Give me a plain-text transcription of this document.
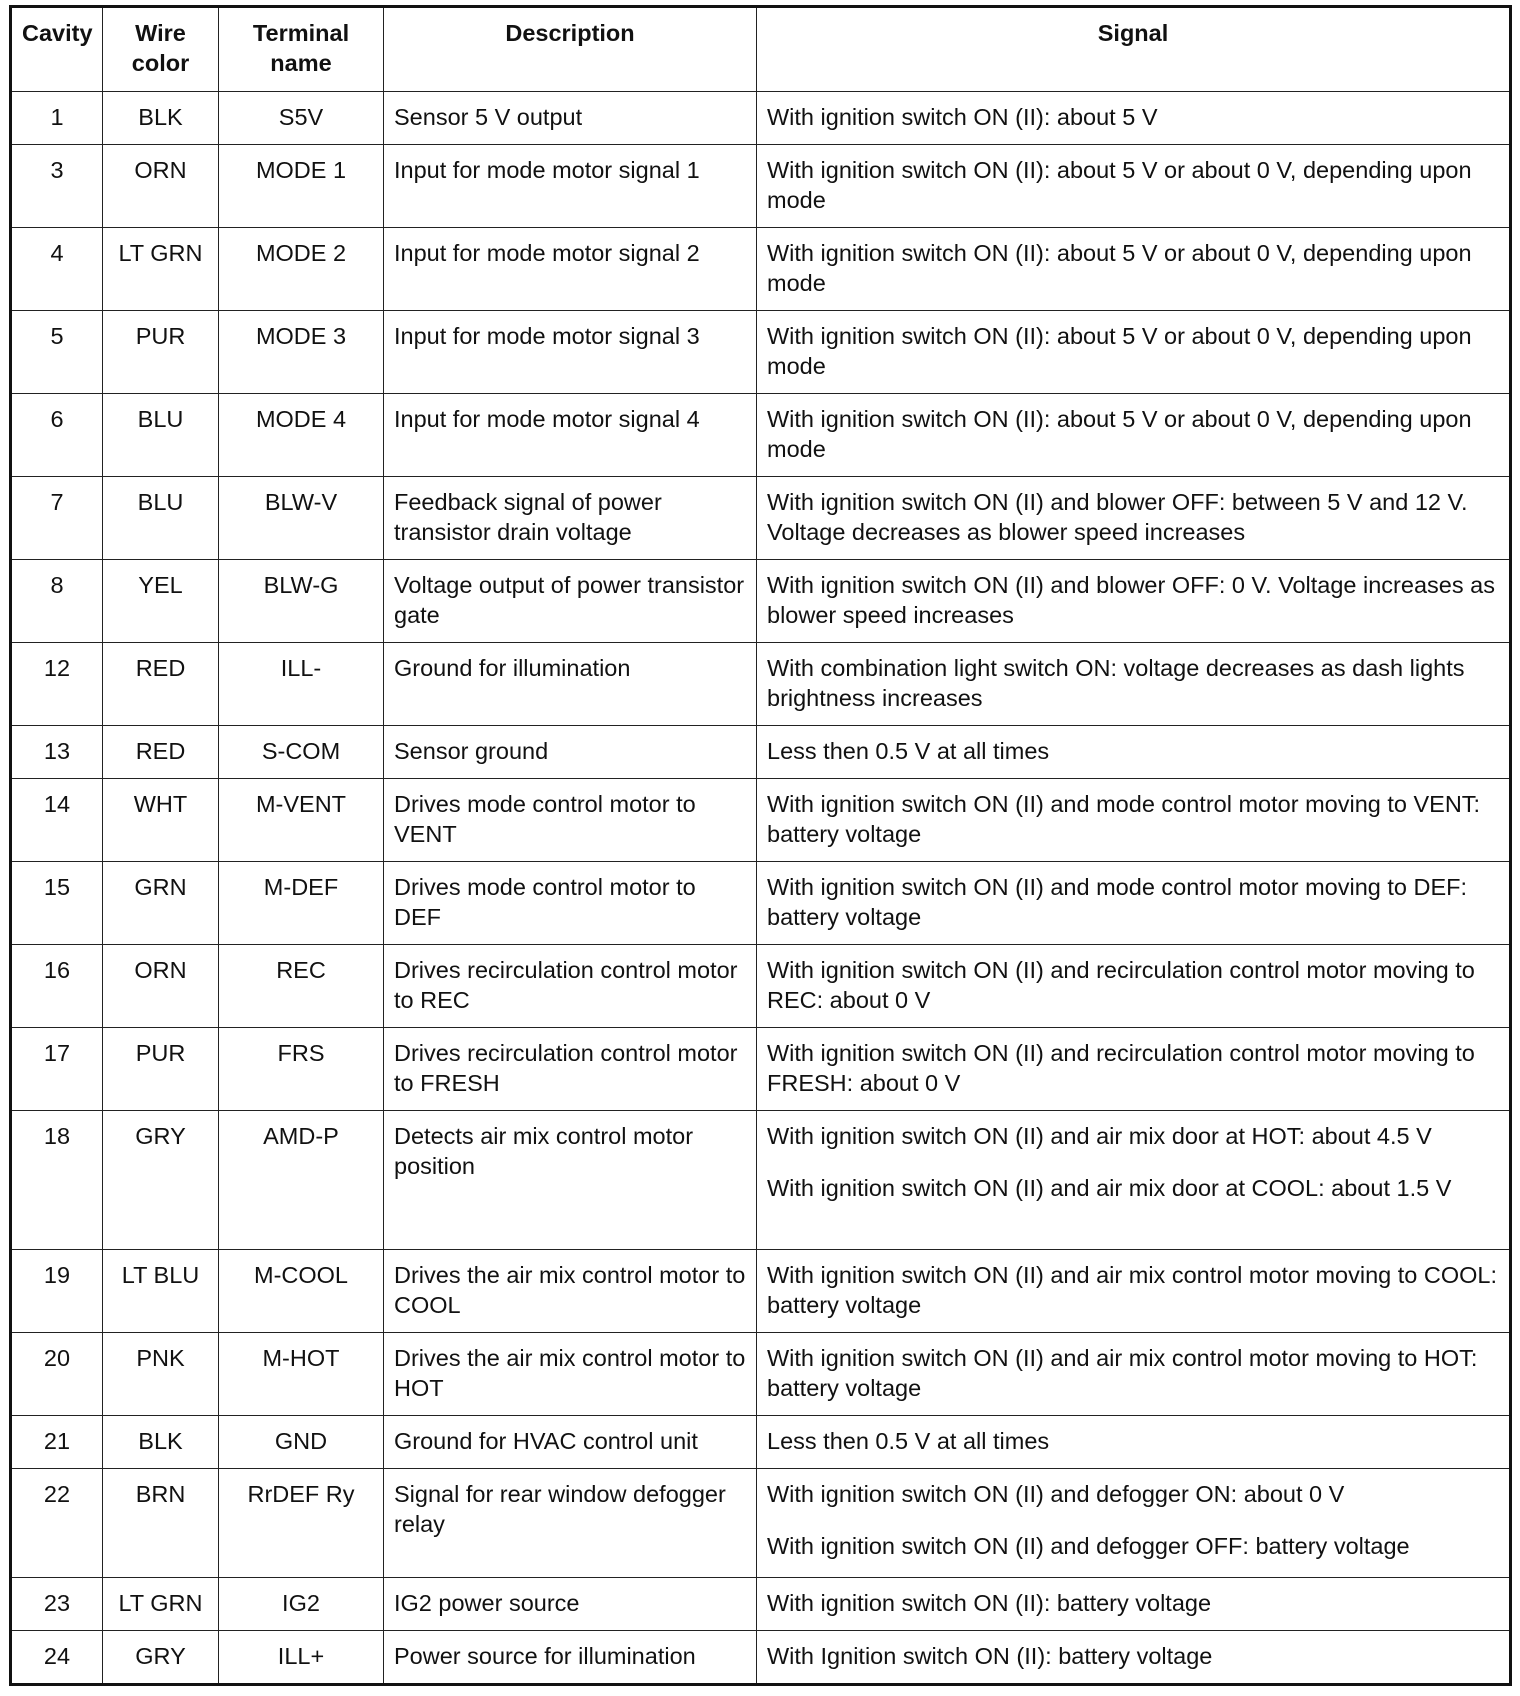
Cavity	Wire color	Terminal name	Description	Signal
1	BLK	S5V	Sensor 5 V output	With ignition switch ON (II): about 5 V

3	ORN	MODE 1	Input for mode motor signal 1	With ignition switch ON (II): about 5 V or about 0 V, depending upon mode

4	LT GRN	MODE 2	Input for mode motor signal 2	With ignition switch ON (II): about 5 V or about 0 V, depending upon mode

5	PUR	MODE 3	Input for mode motor signal 3	With ignition switch ON (II): about 5 V or about 0 V, depending upon mode

6	BLU	MODE 4	Input for mode motor signal 4	With ignition switch ON (II): about 5 V or about 0 V, depending upon mode

7	BLU	BLW-V	Feedback signal of power transistor drain voltage	With ignition switch ON (II) and blower OFF: between 5 V and 12 V. Voltage decreases as blower speed increases

8	YEL	BLW-G	Voltage output of power transistor gate	With ignition switch ON (II) and blower OFF: 0 V. Voltage increases as blower speed increases

12	RED	ILL-	Ground for illumination	With combination light switch ON: voltage decreases as dash lights brightness increases

13	RED	S-COM	Sensor ground	Less then 0.5 V at all times

14	WHT	M-VENT	Drives mode control motor to VENT	With ignition switch ON (II) and mode control motor moving to VENT: battery voltage

15	GRN	M-DEF	Drives mode control motor to DEF	With ignition switch ON (II) and mode control motor moving to DEF: battery voltage

16	ORN	REC	Drives recirculation control motor to REC	With ignition switch ON (II) and recirculation control motor moving to REC: about 0 V

17	PUR	FRS	Drives recirculation control motor to FRESH	With ignition switch ON (II) and recirculation control motor moving to FRESH: about 0 V

18	GRY	AMD-P	Detects air mix control motor position	With ignition switch ON (II) and air mix door at HOT: about 4.5 V
With ignition switch ON (II) and air mix door at COOL: about 1.5 V

19	LT BLU	M-COOL	Drives the air mix control motor to COOL	With ignition switch ON (II) and air mix control motor moving to COOL: battery voltage

20	PNK	M-HOT	Drives the air mix control motor to HOT	With ignition switch ON (II) and air mix control motor moving to HOT: battery voltage

21	BLK	GND	Ground for HVAC control unit	Less then 0.5 V at all times

22	BRN	RrDEF Ry	Signal for rear window defogger relay	With ignition switch ON (II) and defogger ON: about 0 V
With ignition switch ON (II) and defogger OFF: battery voltage

23	LT GRN	IG2	IG2 power source	With ignition switch ON (II): battery voltage

24	GRY	ILL+	Power source for illumination	With Ignition switch ON (II): battery voltage
